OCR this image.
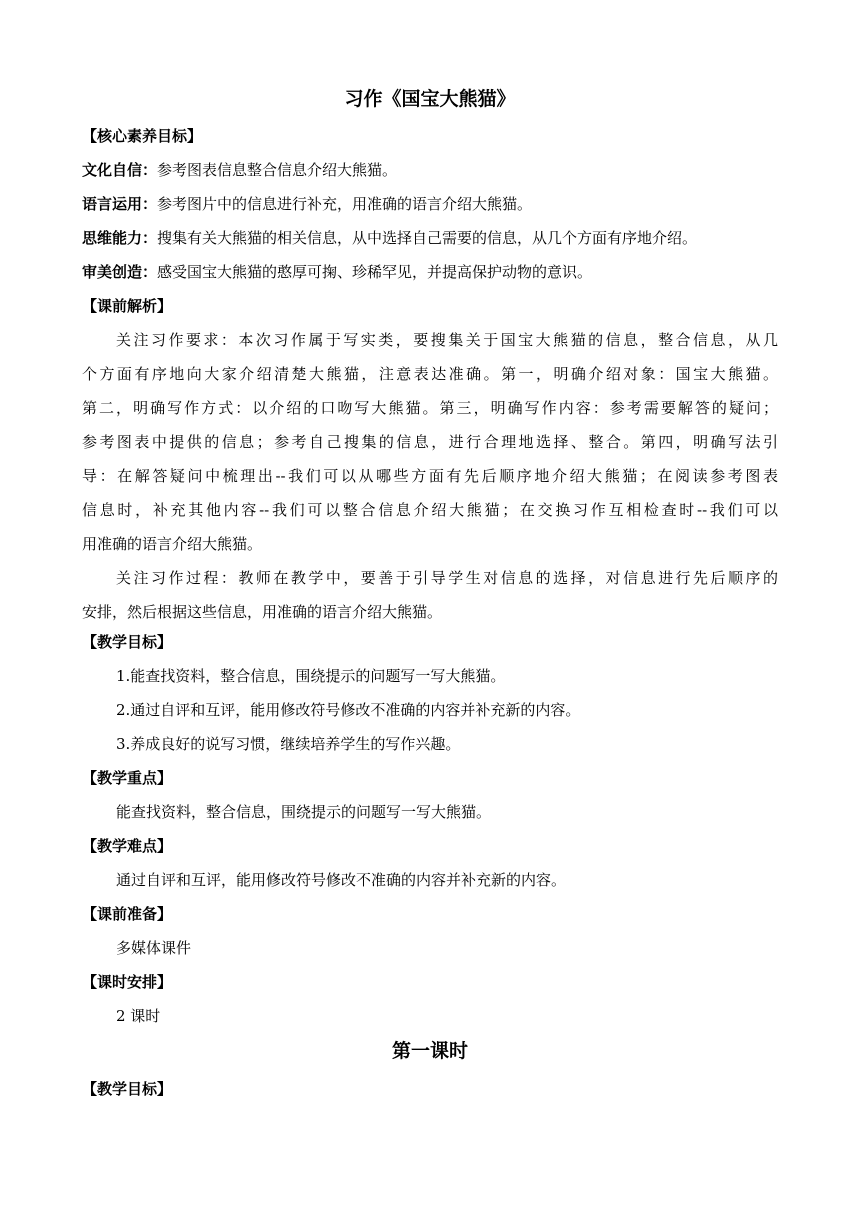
习作《国宝大熊猫》
【核心素养目标】
文化自信：参考图表信息整合信息介绍大熊猫。
语言运用：参考图片中的信息进行补充，用准确的语言介绍大熊猫。
思维能力：搜集有关大熊猫的相关信息，从中选择自己需要的信息，从几个方面有序地介绍。
审美创造：感受国宝大熊猫的憨厚可掬、珍稀罕见，并提高保护动物的意识。
【课前解析】
关注习作要求：本次习作属于写实类，要搜集关于国宝大熊猫的信息，整合信息，从几
个方面有序地向大家介绍清楚大熊猫，注意表达准确。第一，明确介绍对象：国宝大熊猫。
第二，明确写作方式：以介绍的口吻写大熊猫。第三，明确写作内容：参考需要解答的疑问；
参考图表中提供的信息；参考自己搜集的信息，进行合理地选择、整合。第四，明确写法引
导：在解答疑问中梳理出--我们可以从哪些方面有先后顺序地介绍大熊猫；在阅读参考图表
信息时，补充其他内容--我们可以整合信息介绍大熊猫；在交换习作互相检查时--我们可以
用准确的语言介绍大熊猫。
关注习作过程：教师在教学中，要善于引导学生对信息的选择，对信息进行先后顺序的
安排，然后根据这些信息，用准确的语言介绍大熊猫。
【教学目标】
1.能查找资料，整合信息，围绕提示的问题写一写大熊猫。
2.通过自评和互评，能用修改符号修改不准确的内容并补充新的内容。
3.养成良好的说写习惯，继续培养学生的写作兴趣。
【教学重点】
能查找资料，整合信息，围绕提示的问题写一写大熊猫。
【教学难点】
通过自评和互评，能用修改符号修改不准确的内容并补充新的内容。
【课前准备】
多媒体课件
【课时安排】
2 课时
第一课时
【教学目标】
